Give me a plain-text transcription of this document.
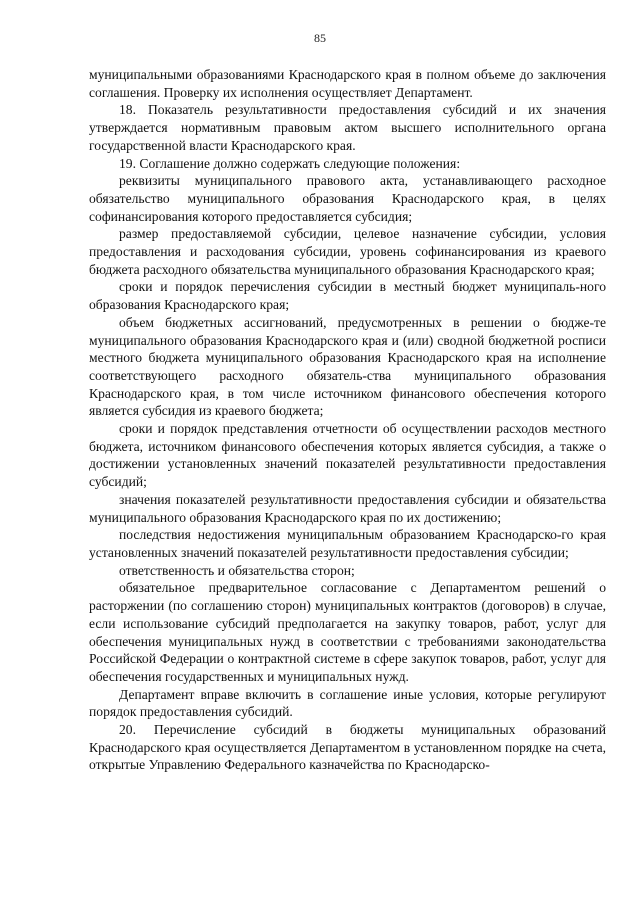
85

муниципальными образованиями Краснодарского края в полном объеме до заключения соглашения. Проверку их исполнения осуществляет Департамент.

18. Показатель результативности предоставления субсидий и их значения утверждается нормативным правовым актом высшего исполнительного органа государственной власти Краснодарского края.

19. Соглашение должно содержать следующие положения:

реквизиты муниципального правового акта, устанавливающего расходное обязательство муниципального образования Краснодарского края, в целях софинансирования которого предоставляется субсидия;

размер предоставляемой субсидии, целевое назначение субсидии, условия предоставления и расходования субсидии, уровень софинансирования из краевого бюджета расходного обязательства муниципального образования Краснодарского края;

сроки и порядок перечисления субсидии в местный бюджет муниципаль-ного образования Краснодарского края;

объем бюджетных ассигнований, предусмотренных в решении о бюдже-те муниципального образования Краснодарского края и (или) сводной бюджетной росписи местного бюджета муниципального образования Краснодарского края на исполнение соответствующего расходного обязатель-ства муниципального образования Краснодарского края, в том числе источником финансового обеспечения которого является субсидия из краевого бюджета;

сроки и порядок представления отчетности об осуществлении расходов местного бюджета, источником финансового обеспечения которых является субсидия, а также о достижении установленных значений показателей результативности предоставления субсидий;

значения показателей результативности предоставления субсидии и обязательства муниципального образования Краснодарского края по их достижению;

последствия недостижения муниципальным образованием Краснодарско-го края установленных значений показателей результативности предоставления субсидии;

ответственность и обязательства сторон;

обязательное предварительное согласование с Департаментом решений о расторжении (по соглашению сторон) муниципальных контрактов (договоров) в случае, если использование субсидий предполагается на закупку товаров, работ, услуг для обеспечения муниципальных нужд в соответствии с требованиями законодательства Российской Федерации о контрактной системе в сфере закупок товаров, работ, услуг для обеспечения государственных и муниципальных нужд.

Департамент вправе включить в соглашение иные условия, которые регулируют порядок предоставления субсидий.

20. Перечисление субсидий в бюджеты муниципальных образований Краснодарского края осуществляется Департаментом в установленном порядке на счета, открытые Управлению Федерального казначейства по Краснодарско-
